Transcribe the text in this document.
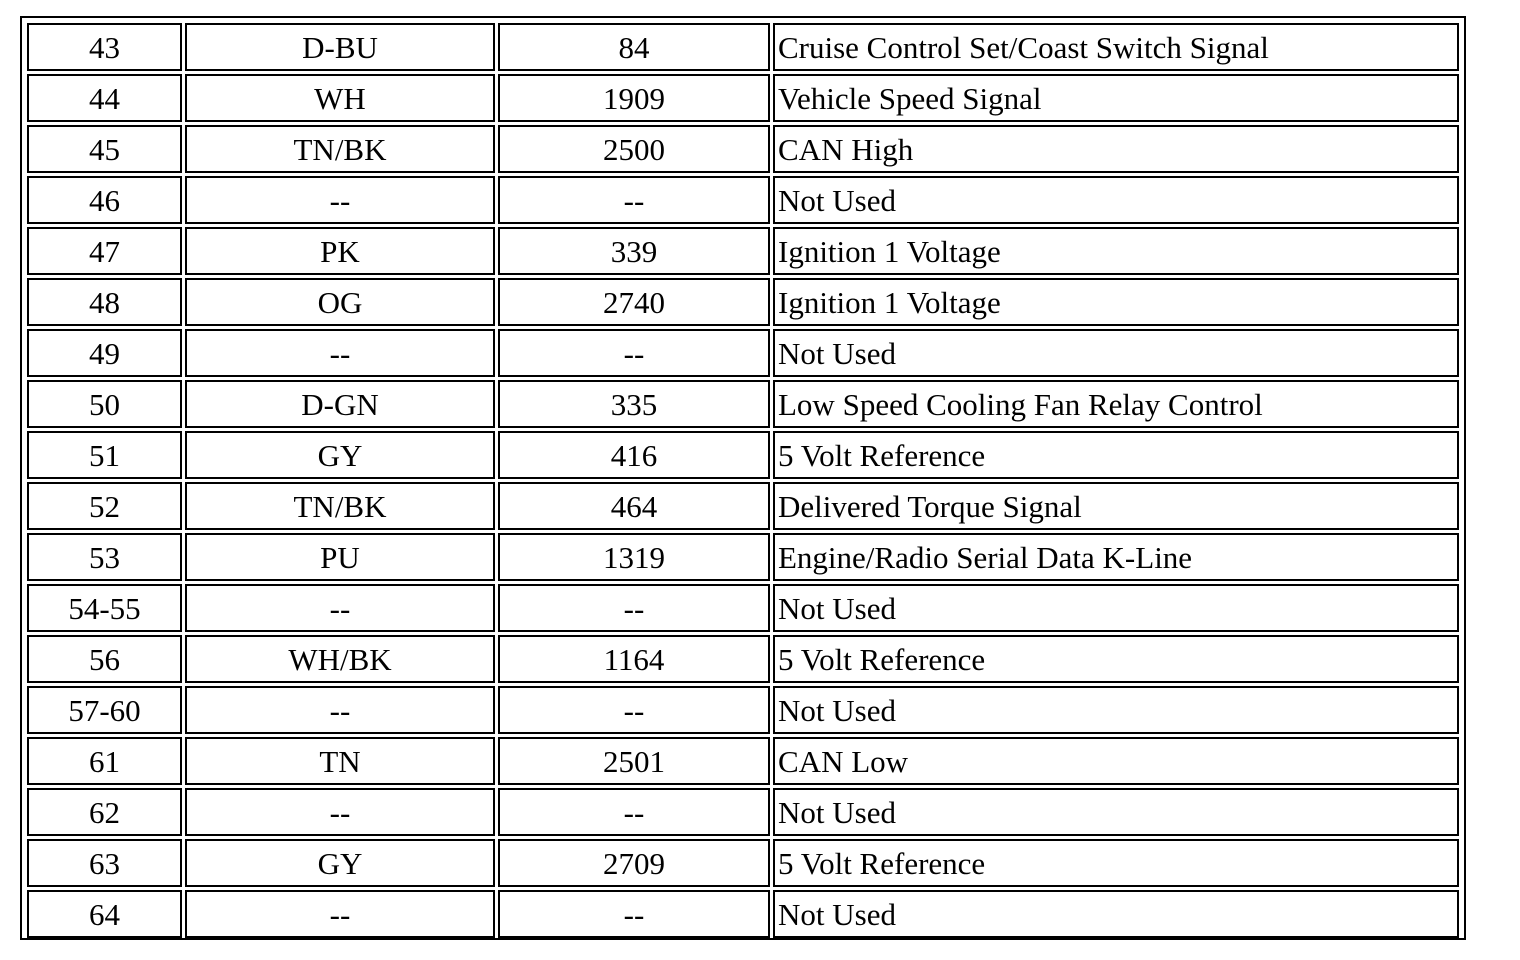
43	D-BU	84	Cruise Control Set/Coast Switch Signal
44	WH	1909	Vehicle Speed Signal
45	TN/BK	2500	CAN High
46	--	--	Not Used
47	PK	339	Ignition 1 Voltage
48	OG	2740	Ignition 1 Voltage
49	--	--	Not Used
50	D-GN	335	Low Speed Cooling Fan Relay Control
51	GY	416	5 Volt Reference
52	TN/BK	464	Delivered Torque Signal
53	PU	1319	Engine/Radio Serial Data K-Line
54-55	--	--	Not Used
56	WH/BK	1164	5 Volt Reference
57-60	--	--	Not Used
61	TN	2501	CAN Low
62	--	--	Not Used
63	GY	2709	5 Volt Reference
64	--	--	Not Used
